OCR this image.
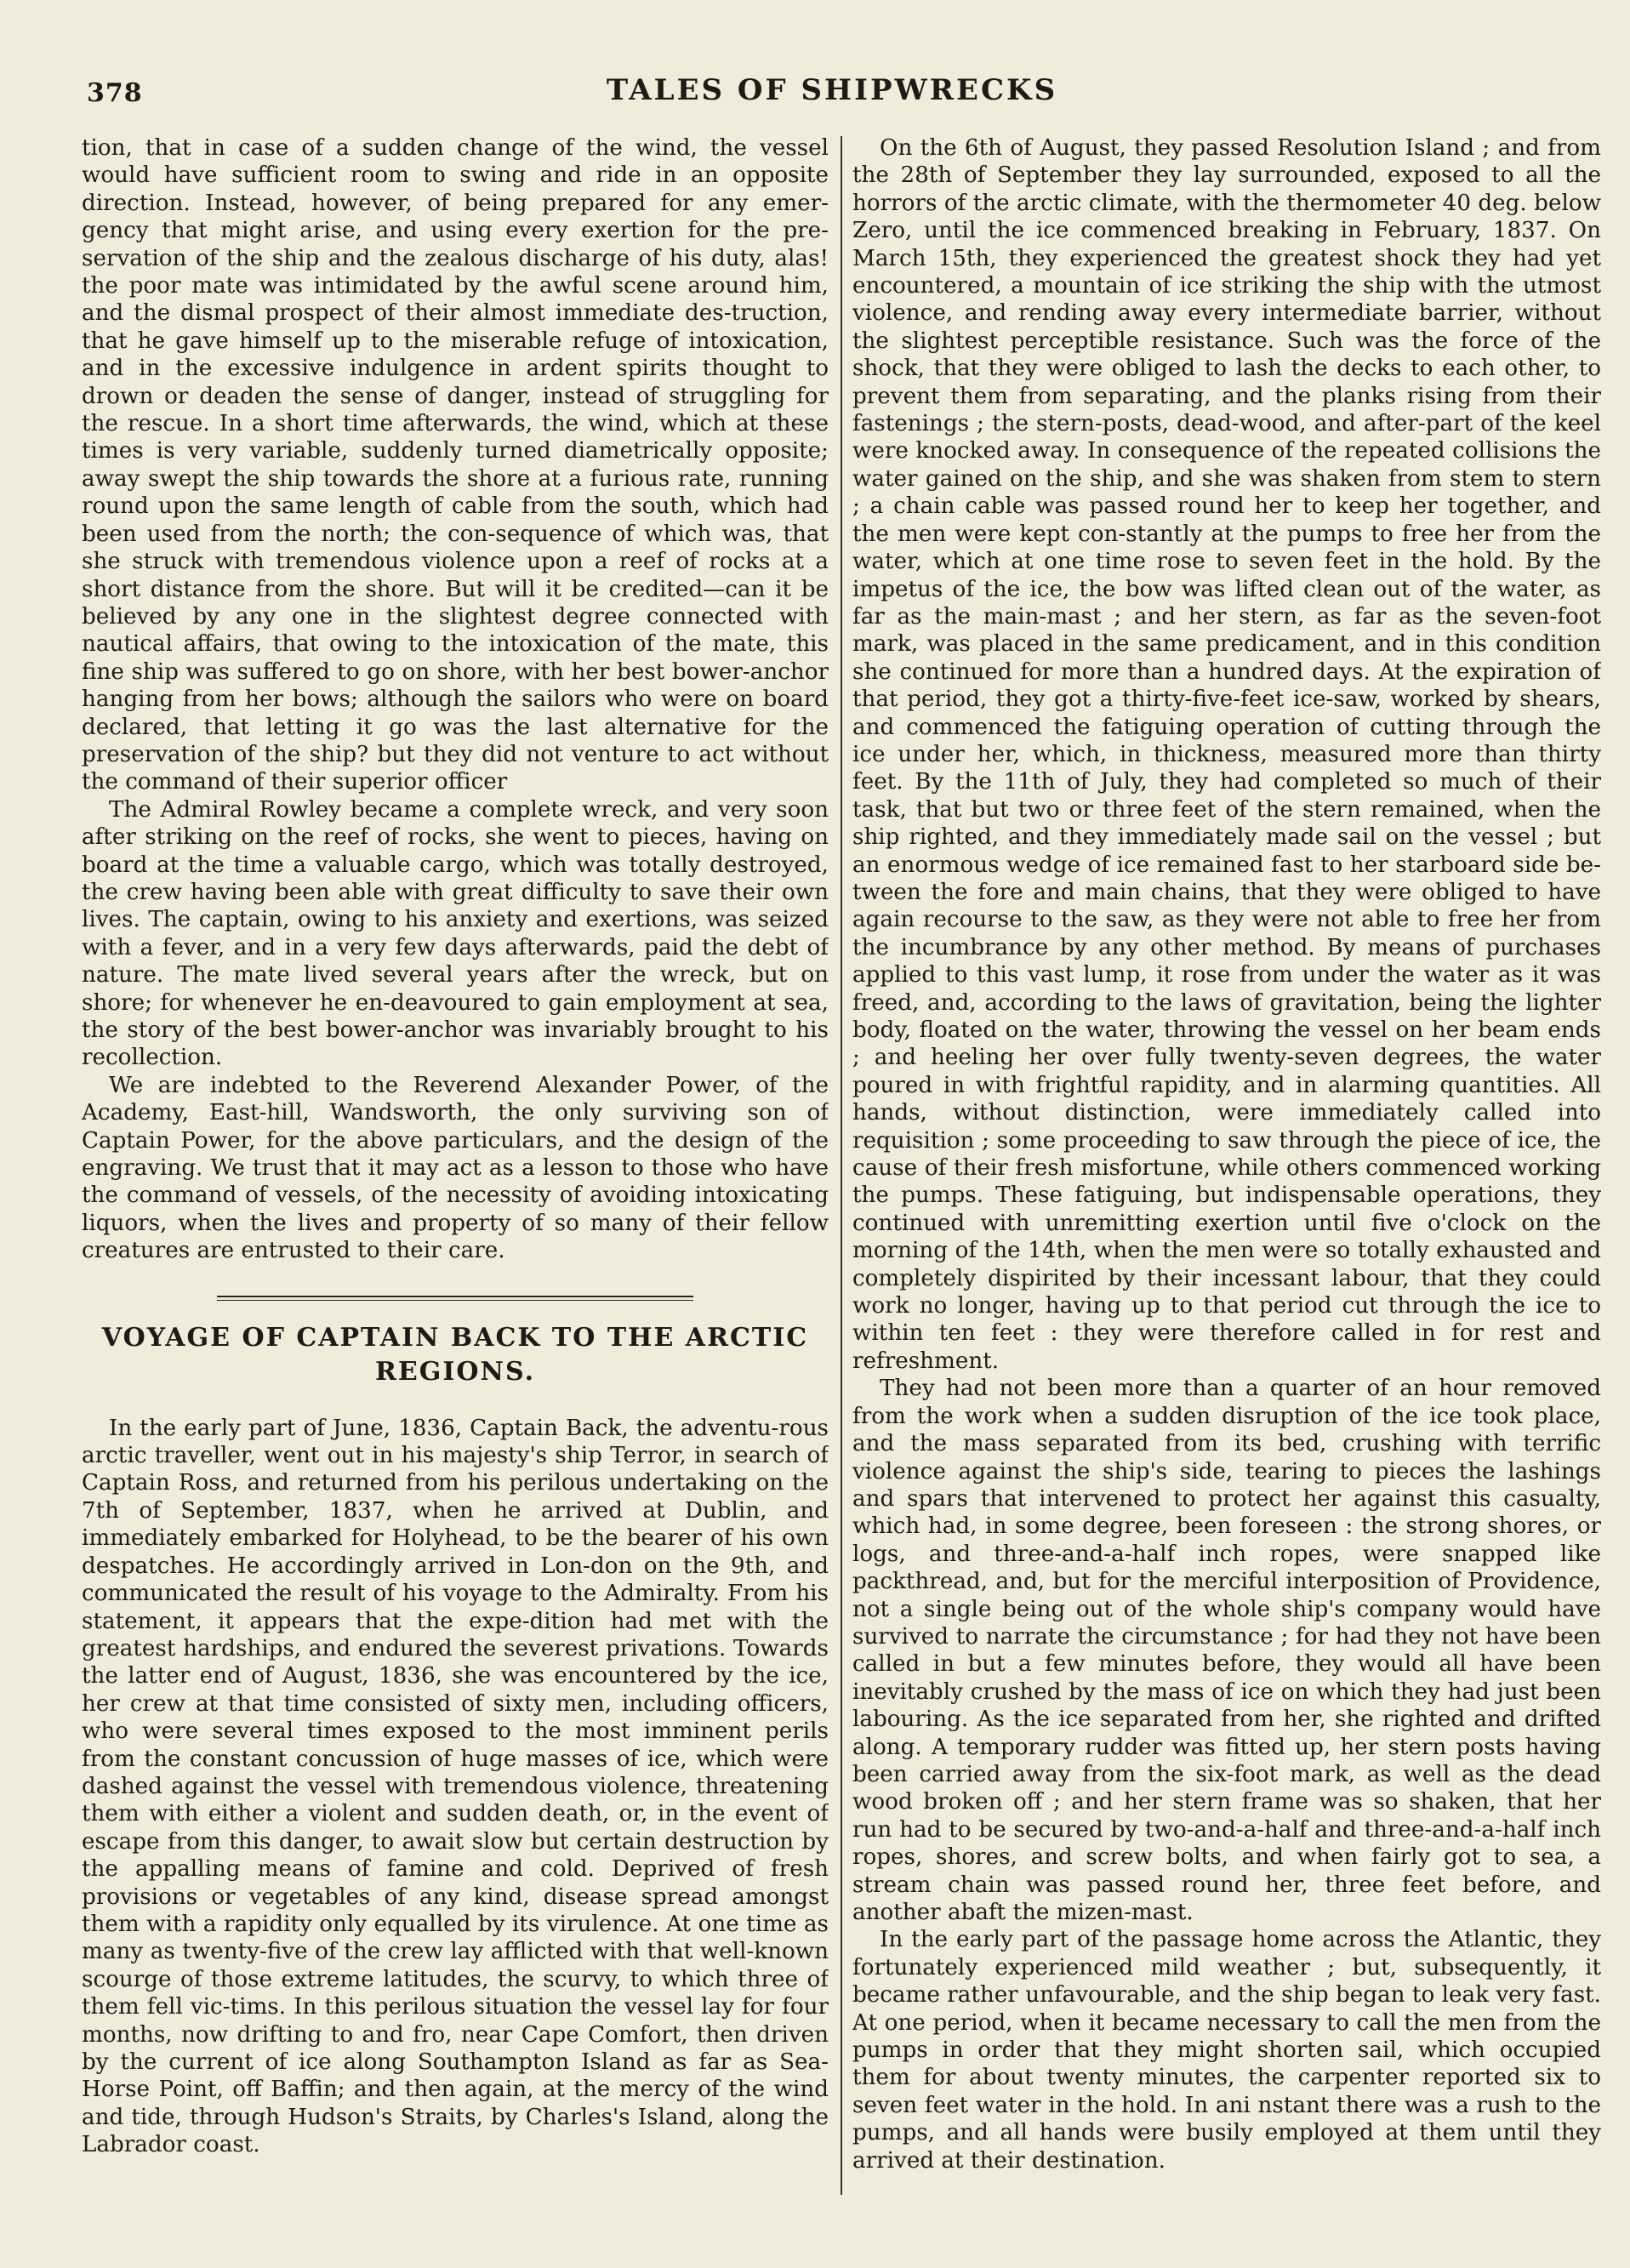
378	TALES OF SHIPWRECKS

tion, that in case of a sudden change of the wind, the vessel would have sufficient room to swing and ride in an opposite direction. Instead, however, of being prepared for any emer-gency that might arise, and using every exertion for the pre-servation of the ship and the zealous discharge of his duty, alas! the poor mate was intimidated by the awful scene around him, and the dismal prospect of their almost immediate des-truction, that he gave himself up to the miserable refuge of intoxication, and in the excessive indulgence in ardent spirits thought to drown or deaden the sense of danger, instead of struggling for the rescue. In a short time afterwards, the wind, which at these times is very variable, suddenly turned diametrically opposite; away swept the ship towards the shore at a furious rate, running round upon the same length of cable from the south, which had been used from the north; the con-sequence of which was, that she struck with tremendous violence upon a reef of rocks at a short distance from the shore. But will it be credited—can it be believed by any one in the slightest degree connected with nautical affairs, that owing to the intoxication of the mate, this fine ship was suffered to go on shore, with her best bower-anchor hanging from her bows; although the sailors who were on board declared, that letting it go was the last alternative for the preservation of the ship? but they did not venture to act without the command of their superior officer

The Admiral Rowley became a complete wreck, and very soon after striking on the reef of rocks, she went to pieces, having on board at the time a valuable cargo, which was totally destroyed, the crew having been able with great difficulty to save their own lives. The captain, owing to his anxiety and exertions, was seized with a fever, and in a very few days afterwards, paid the debt of nature. The mate lived several years after the wreck, but on shore; for whenever he en-deavoured to gain employment at sea, the story of the best bower-anchor was invariably brought to his recollection.

We are indebted to the Reverend Alexander Power, of the Academy, East-hill, Wandsworth, the only surviving son of Captain Power, for the above particulars, and the design of the engraving. We trust that it may act as a lesson to those who have the command of vessels, of the necessity of avoiding intoxicating liquors, when the lives and property of so many of their fellow creatures are entrusted to their care.

VOYAGE OF CAPTAIN BACK TO THE ARCTIC REGIONS.

In the early part of June, 1836, Captain Back, the adventu-rous arctic traveller, went out in his majesty's ship Terror, in search of Captain Ross, and returned from his perilous undertaking on the 7th of September, 1837, when he arrived at Dublin, and immediately embarked for Holyhead, to be the bearer of his own despatches. He accordingly arrived in Lon-don on the 9th, and communicated the result of his voyage to the Admiralty. From his statement, it appears that the expe-dition had met with the greatest hardships, and endured the severest privations. Towards the latter end of August, 1836, she was encountered by the ice, her crew at that time consisted of sixty men, including officers, who were several times exposed to the most imminent perils from the constant concussion of huge masses of ice, which were dashed against the vessel with tremendous violence, threatening them with either a violent and sudden death, or, in the event of escape from this danger, to await slow but certain destruction by the appalling means of famine and cold. Deprived of fresh provisions or vegetables of any kind, disease spread amongst them with a rapidity only equalled by its virulence. At one time as many as twenty-five of the crew lay afflicted with that well-known scourge of those extreme latitudes, the scurvy, to which three of them fell vic-tims. In this perilous situation the vessel lay for four months, now drifting to and fro, near Cape Comfort, then driven by the current of ice along Southampton Island as far as Sea-Horse Point, off Baffin; and then again, at the mercy of the wind and tide, through Hudson's Straits, by Charles's Island, along the Labrador coast.

On the 6th of August, they passed Resolution Island ; and from the 28th of September they lay surrounded, exposed to all the horrors of the arctic climate, with the thermometer 40 deg. below Zero, until the ice commenced breaking in February, 1837. On March 15th, they experienced the greatest shock they had yet encountered, a mountain of ice striking the ship with the utmost violence, and rending away every intermediate barrier, without the slightest perceptible resistance. Such was the force of the shock, that they were obliged to lash the decks to each other, to prevent them from separating, and the planks rising from their fastenings ; the stern-posts, dead-wood, and after-part of the keel were knocked away. In consequence of the repeated collisions the water gained on the ship, and she was shaken from stem to stern ; a chain cable was passed round her to keep her together, and the men were kept con-stantly at the pumps to free her from the water, which at one time rose to seven feet in the hold. By the impetus of the ice, the bow was lifted clean out of the water, as far as the main-mast ; and her stern, as far as the seven-foot mark, was placed in the same predicament, and in this condition she continued for more than a hundred days. At the expiration of that period, they got a thirty-five-feet ice-saw, worked by shears, and commenced the fatiguing operation of cutting through the ice under her, which, in thickness, measured more than thirty feet. By the 11th of July, they had completed so much of their task, that but two or three feet of the stern remained, when the ship righted, and they immediately made sail on the vessel ; but an enormous wedge of ice remained fast to her starboard side be-tween the fore and main chains, that they were obliged to have again recourse to the saw, as they were not able to free her from the incumbrance by any other method. By means of purchases applied to this vast lump, it rose from under the water as it was freed, and, according to the laws of gravitation, being the lighter body, floated on the water, throwing the vessel on her beam ends ; and heeling her over fully twenty-seven degrees, the water poured in with frightful rapidity, and in alarming quantities. All hands, without distinction, were immediately called into requisition ; some proceeding to saw through the piece of ice, the cause of their fresh misfortune, while others commenced working the pumps. These fatiguing, but indispensable operations, they continued with unremitting exertion until five o'clock on the morning of the 14th, when the men were so totally exhausted and completely dispirited by their incessant labour, that they could work no longer, having up to that period cut through the ice to within ten feet : they were therefore called in for rest and refreshment.

They had not been more than a quarter of an hour removed from the work when a sudden disruption of the ice took place, and the mass separated from its bed, crushing with terrific violence against the ship's side, tearing to pieces the lashings and spars that intervened to protect her against this casualty, which had, in some degree, been foreseen : the strong shores, or logs, and three-and-a-half inch ropes, were snapped like packthread, and, but for the merciful interposition of Providence, not a single being out of the whole ship's company would have survived to narrate the circumstance ; for had they not have been called in but a few minutes before, they would all have been inevitably crushed by the mass of ice on which they had just been labouring. As the ice separated from her, she righted and drifted along. A temporary rudder was fitted up, her stern posts having been carried away from the six-foot mark, as well as the dead wood broken off ; and her stern frame was so shaken, that her run had to be secured by two-and-a-half and three-and-a-half inch ropes, shores, and screw bolts, and when fairly got to sea, a stream chain was passed round her, three feet before, and another abaft the mizen-mast.

In the early part of the passage home across the Atlantic, they fortunately experienced mild weather ; but, subsequently, it became rather unfavourable, and the ship began to leak very fast. At one period, when it became necessary to call the men from the pumps in order that they might shorten sail, which occupied them for about twenty minutes, the carpenter reported six to seven feet water in the hold. In ani nstant there was a rush to the pumps, and all hands were busily employed at them until they arrived at their destination.
